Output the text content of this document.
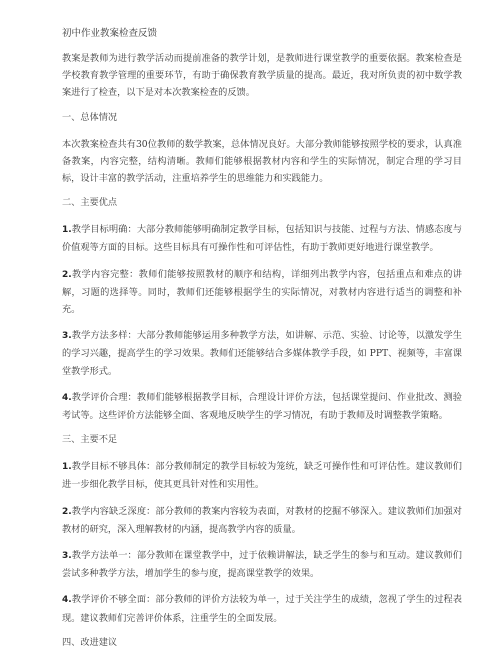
初中作业教案检查反馈
教案是教师为进行教学活动而提前准备的教学计划，是教师进行课堂教学的重要依据。教案检查是学校教育教学管理的重要环节，有助于确保教育教学质量的提高。最近，我对所负责的初中数学教案进行了检查，以下是对本次教案检查的反馈。
一、总体情况
本次教案检查共有30位教师的数学教案，总体情况良好。大部分教师能够按照学校的要求，认真准备教案，内容完整，结构清晰。教师们能够根据教材内容和学生的实际情况，制定合理的学习目标，设计丰富的教学活动，注重培养学生的思维能力和实践能力。
二、主要优点
1.教学目标明确：大部分教师能够明确制定教学目标，包括知识与技能、过程与方法、情感态度与价值观等方面的目标。这些目标具有可操作性和可评估性，有助于教师更好地进行课堂教学。
2.教学内容完整：教师们能够按照教材的顺序和结构，详细列出教学内容，包括重点和难点的讲解，习题的选择等。同时，教师们还能够根据学生的实际情况，对教材内容进行适当的调整和补充。
3.教学方法多样：大部分教师能够运用多种教学方法，如讲解、示范、实验、讨论等，以激发学生的学习兴趣，提高学生的学习效果。教师们还能够结合多媒体教学手段，如 PPT、视频等，丰富课堂教学形式。
4.教学评价合理：教师们能够根据教学目标，合理设计评价方法，包括课堂提问、作业批改、测验考试等。这些评价方法能够全面、客观地反映学生的学习情况，有助于教师及时调整教学策略。
三、主要不足
1.教学目标不够具体：部分教师制定的教学目标较为笼统，缺乏可操作性和可评估性。建议教师们进一步细化教学目标，使其更具针对性和实用性。
2.教学内容缺乏深度：部分教师的教案内容较为表面，对教材的挖掘不够深入。建议教师们加强对教材的研究，深入理解教材的内涵，提高教学内容的质量。
3.教学方法单一：部分教师在课堂教学中，过于依赖讲解法，缺乏学生的参与和互动。建议教师们尝试多种教学方法，增加学生的参与度，提高课堂教学的效果。
4.教学评价不够全面：部分教师的评价方法较为单一，过于关注学生的成绩，忽视了学生的过程表现。建议教师们完善评价体系，注重学生的全面发展。
四、改进建议
